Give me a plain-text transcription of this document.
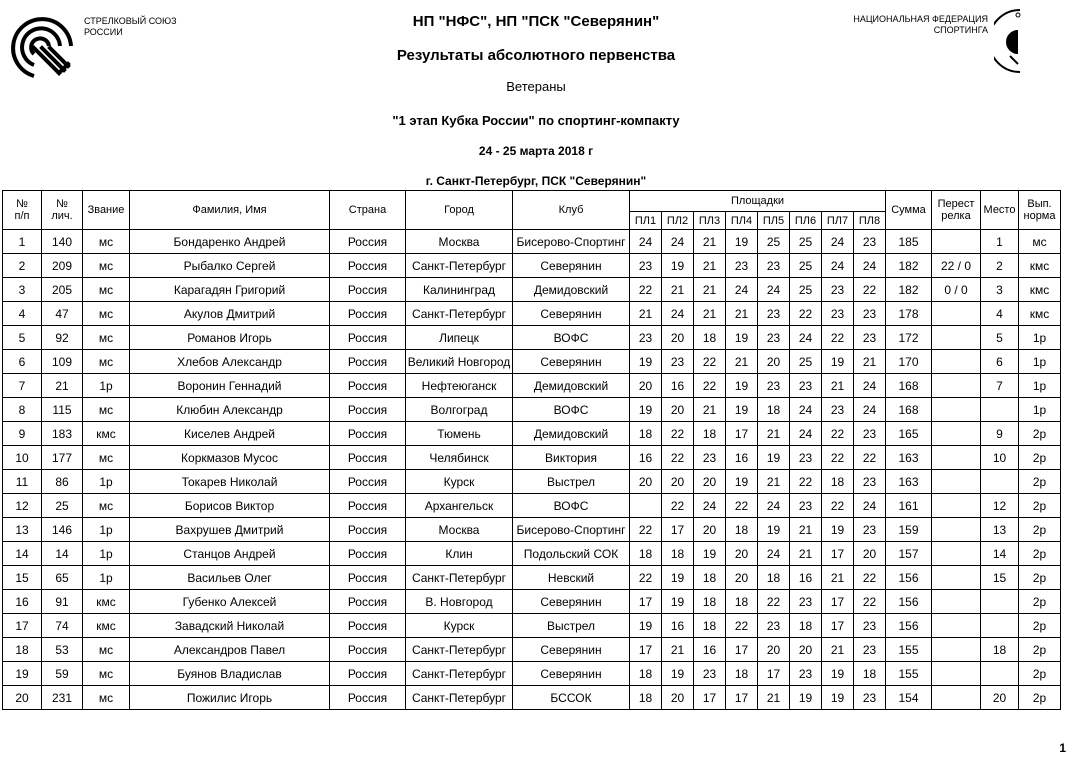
СТРЕЛКОВЫЙ СОЮЗ
РОССИИ
НАЦИОНАЛЬНАЯ ФЕДЕРАЦИЯ
СПОРТИНГА
НП "НФС", НП "ПСК "Северянин"
Результаты абсолютного первенства
Ветераны
"1 этап Кубка России" по спортинг-компакту
24 - 25 марта 2018 г
г. Санкт-Петербург, ПСК "Северянин"
№
п/п	№
лич.	Звание	Фамилия, Имя	Страна	Город	Клуб	Площадки								Сумма	Перест
релка	Место	Вып.
норма
							ПЛ1	ПЛ2	ПЛ3	ПЛ4	ПЛ5	ПЛ6	ПЛ7	ПЛ8				
1	140	мс	Бондаренко Андрей	Россия	Москва	Бисерово-Спортинг	24	24	21	19	25	25	24	23	185		1	мс
2	209	мс	Рыбалко Сергей	Россия	Санкт-Петербург	Северянин	23	19	21	23	23	25	24	24	182	22 / 0	2	кмс
3	205	мс	Карагадян Григорий	Россия	Калининград	Демидовский	22	21	21	24	24	25	23	22	182	0 / 0	3	кмс
4	47	мс	Акулов Дмитрий	Россия	Санкт-Петербург	Северянин	21	24	21	21	23	22	23	23	178		4	кмс
5	92	мс	Романов Игорь	Россия	Липецк	ВОФС	23	20	18	19	23	24	22	23	172		5	1р
6	109	мс	Хлебов Александр	Россия	Великий Новгород	Северянин	19	23	22	21	20	25	19	21	170		6	1р
7	21	1р	Воронин Геннадий	Россия	Нефтеюганск	Демидовский	20	16	22	19	23	23	21	24	168		7	1р
8	115	мс	Клюбин Александр	Россия	Волгоград	ВОФС	19	20	21	19	18	24	23	24	168			1р
9	183	кмс	Киселев Андрей	Россия	Тюмень	Демидовский	18	22	18	17	21	24	22	23	165		9	2р
10	177	мс	Коркмазов Мусос	Россия	Челябинск	Виктория	16	22	23	16	19	23	22	22	163		10	2р
11	86	1р	Токарев Николай	Россия	Курск	Выстрел	20	20	20	19	21	22	18	23	163			2р
12	25	мс	Борисов Виктор	Россия	Архангельск	ВОФС		22	24	22	24	23	22	24	161		12	2р
13	146	1р	Вахрушев Дмитрий	Россия	Москва	Бисерово-Спортинг	22	17	20	18	19	21	19	23	159		13	2р
14	14	1р	Станцов Андрей	Россия	Клин	Подольский СОК	18	18	19	20	24	21	17	20	157		14	2р
15	65	1р	Васильев Олег	Россия	Санкт-Петербург	Невский	22	19	18	20	18	16	21	22	156		15	2р
16	91	кмс	Губенко Алексей	Россия	В. Новгород	Северянин	17	19	18	18	22	23	17	22	156			2р
17	74	кмс	Завадский Николай	Россия	Курск	Выстрел	19	16	18	22	23	18	17	23	156			2р
18	53	мс	Александров Павел	Россия	Санкт-Петербург	Северянин	17	21	16	17	20	20	21	23	155		18	2р
19	59	мс	Буянов Владислав	Россия	Санкт-Петербург	Северянин	18	19	23	18	17	23	19	18	155			2р
20	231	мс	Пожилис Игорь	Россия	Санкт-Петербург	БССОК	18	20	17	17	21	19	19	23	154		20	2р
1
